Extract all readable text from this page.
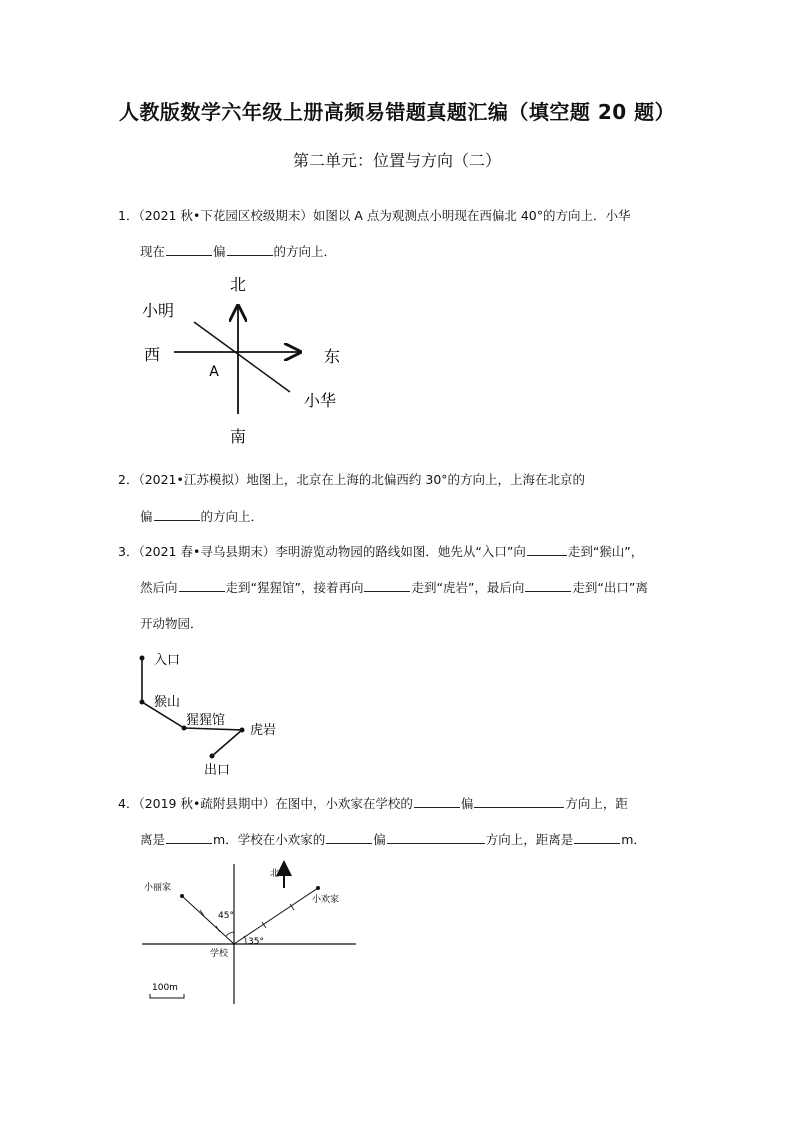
人教版数学六年级上册高频易错题真题汇编（填空题 20 题）
第二单元：位置与方向（二）
1．（2021 秋•下花园区校级期末）如图以 A 点为观测点小明现在西偏北 40°的方向上．小华
现在	偏	的方向上．
北
南
东
西
A
小明
小华
2．（2021•江苏模拟）地图上，北京在上海的北偏西约 30°的方向上，上海在北京的
偏	的方向上．
3．（2021 春•寻乌县期末）李明游览动物园的路线如图．她先从“入口”向	走到“猴山”，
然后向	走到“猩猩馆”，接着再向	走到“虎岩”，最后向	走到“出口”离
开动物园．
入口
猴山
猩猩馆
虎岩
出口
4．（2019 秋•疏附县期中）在图中，小欢家在学校的	偏	方向上，距
离是	m．学校在小欢家的	偏	方向上，距离是	m．
北
小丽家
小欢家
45°
35°
学校
100m
